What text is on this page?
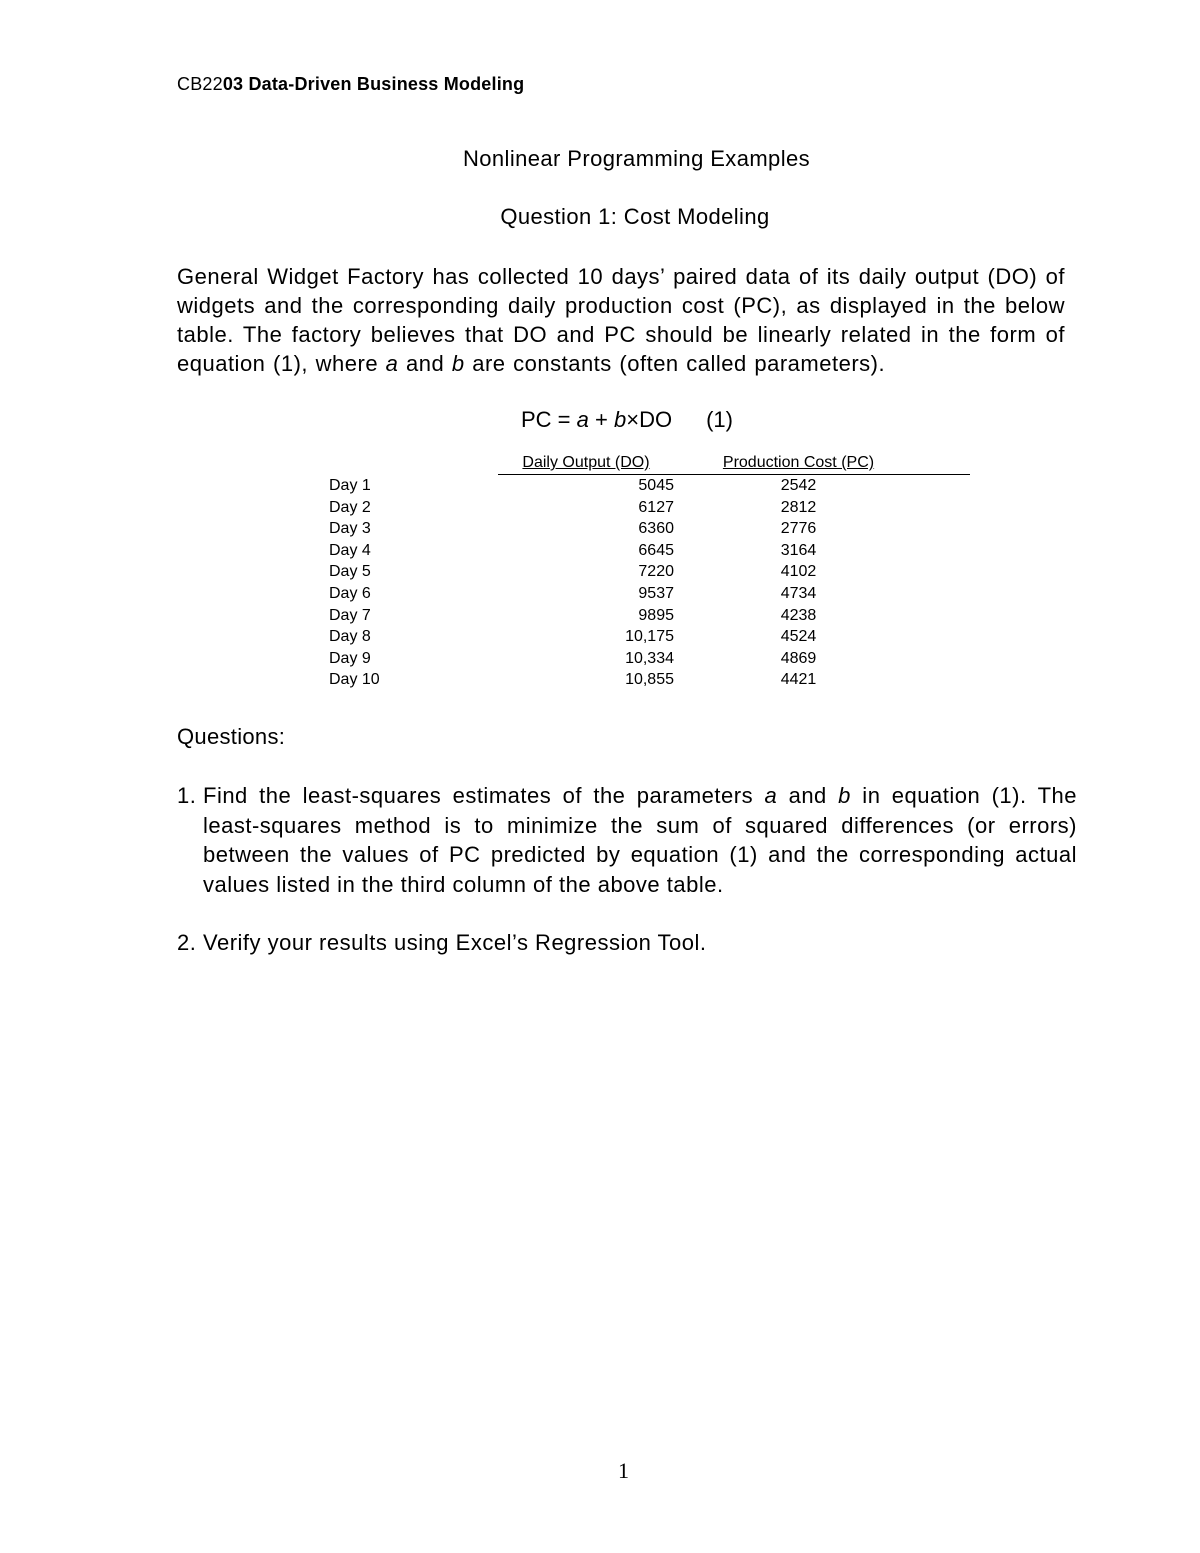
CB2203 Data-Driven Business Modeling
Nonlinear Programming Examples
Question 1: Cost Modeling

General Widget Factory has collected 10 days’ paired data of its daily output (DO) of widgets and the corresponding daily production cost (PC), as displayed in the below table. The factory believes that DO and PC should be linearly related in the form of equation (1), where a and b are constants (often called parameters).

PC = a + b×DO (1)
	Daily Output (DO)	Production Cost (PC)
Day 1	5045	2542
Day 2	6127	2812
Day 3	6360	2776
Day 4	6645	3164
Day 5	7220	4102
Day 6	9537	4734
Day 7	9895	4238
Day 8	10,175	4524
Day 9	10,334	4869
Day 10	10,855	4421
Questions:
1. Find the least-squares estimates of the parameters a and b in equation (1). The least-squares method is to minimize the sum of squared differences (or errors) between the values of PC predicted by equation (1) and the corresponding actual values listed in the third column of the above table.
2. Verify your results using Excel’s Regression Tool.
1
